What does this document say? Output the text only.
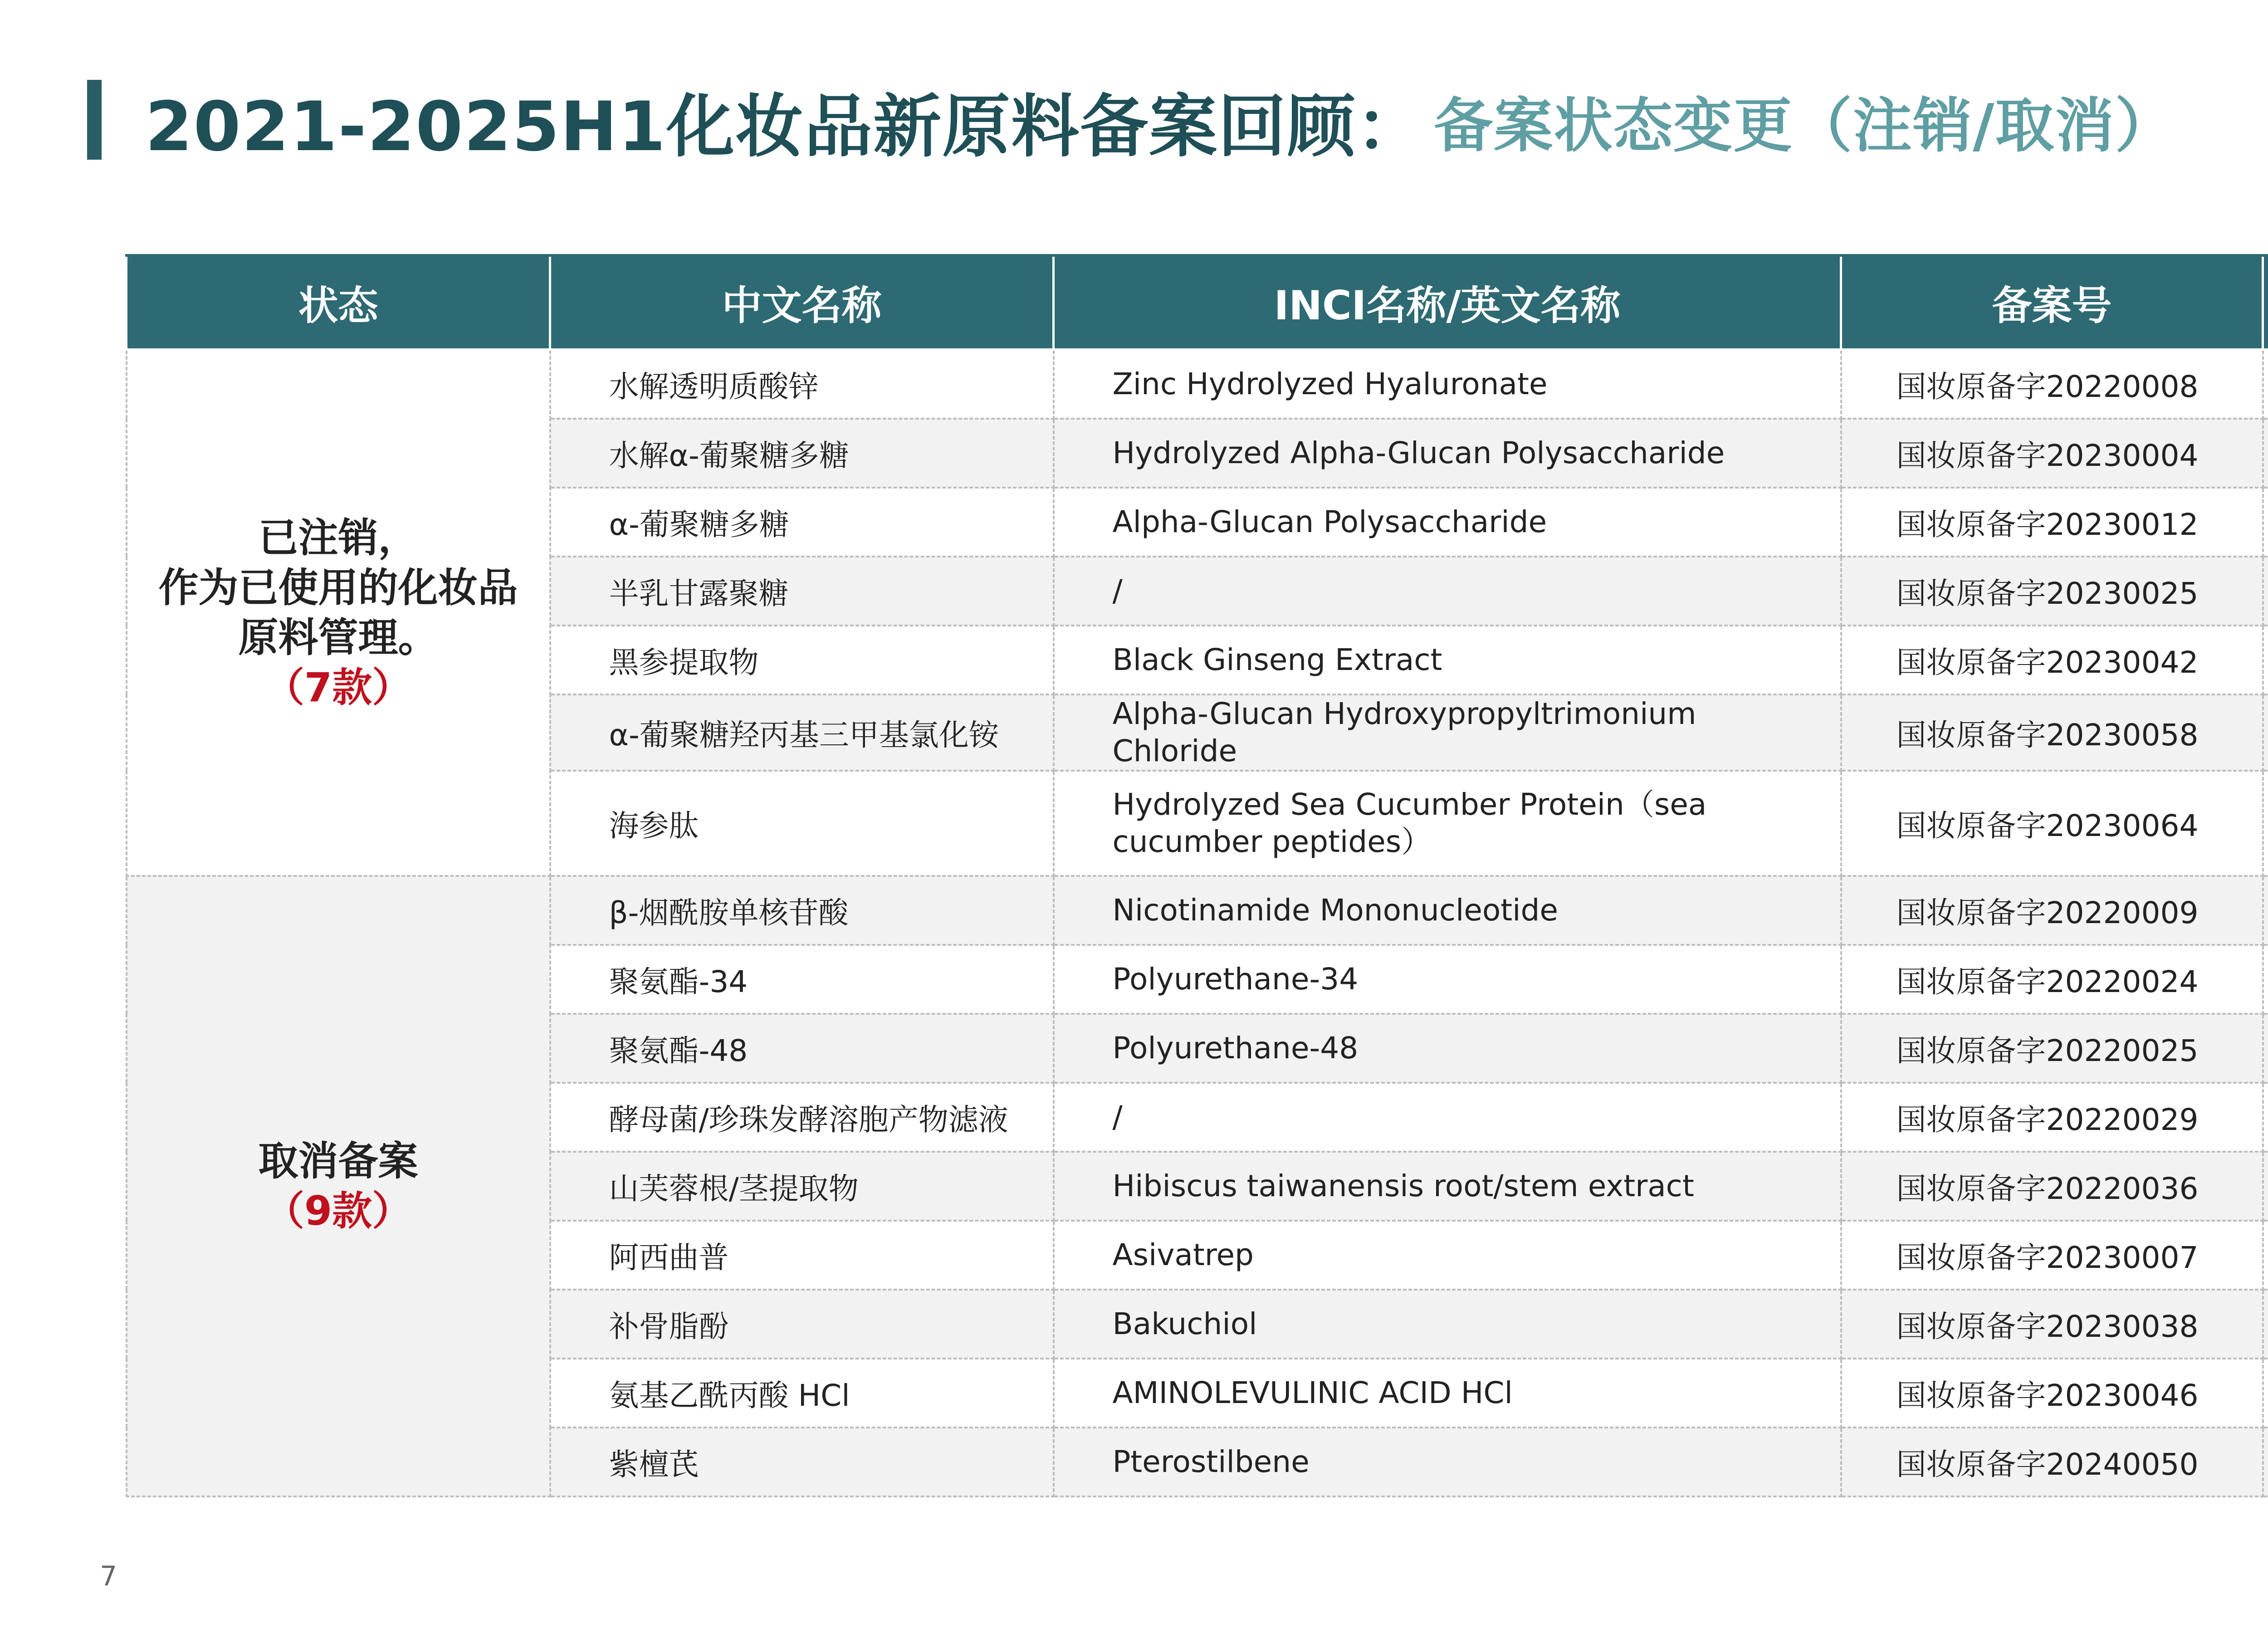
2021-2025H1化妆品新原料备案回顾： 备案状态变更（注销/取消）
状态	中文名称	INCI名称/英文名称	备案号		

已注销，
作为已使用的化妆品
原料管理。
（7款）	水解透明质酸锌	Zinc Hydrolyzed Hyaluronate	国妆原备字20220008		
	水解α-葡聚糖多糖	Hydrolyzed Alpha-Glucan Polysaccharide	国妆原备字20230004		
	α-葡聚糖多糖	Alpha-Glucan Polysaccharide	国妆原备字20230012		
	半乳甘露聚糖	/	国妆原备字20230025		
	黑参提取物	Black Ginseng Extract	国妆原备字20230042		
	α-葡聚糖羟丙基三甲基氯化铵	Alpha-Glucan Hydroxypropyltrimonium Chloride	国妆原备字20230058		
	海参肽	Hydrolyzed Sea Cucumber Protein（sea cucumber peptides）	国妆原备字20230064		

取消备案
（9款）	β-烟酰胺单核苷酸	Nicotinamide Mononucleotide	国妆原备字20220009		
	聚氨酯-34	Polyurethane-34	国妆原备字20220024		
	聚氨酯-48	Polyurethane-48	国妆原备字20220025		
	酵母菌/珍珠发酵溶胞产物滤液	/	国妆原备字20220029		
	山芙蓉根/茎提取物	Hibiscus taiwanensis root/stem extract	国妆原备字20220036		
	阿西曲普	Asivatrep	国妆原备字20230007		
	补骨脂酚	Bakuchiol	国妆原备字20230038		
	氨基乙酰丙酸 HCl	AMINOLEVULINIC ACID HCl	国妆原备字20230046		
	紫檀芪	Pterostilbene	国妆原备字20240050		
7
